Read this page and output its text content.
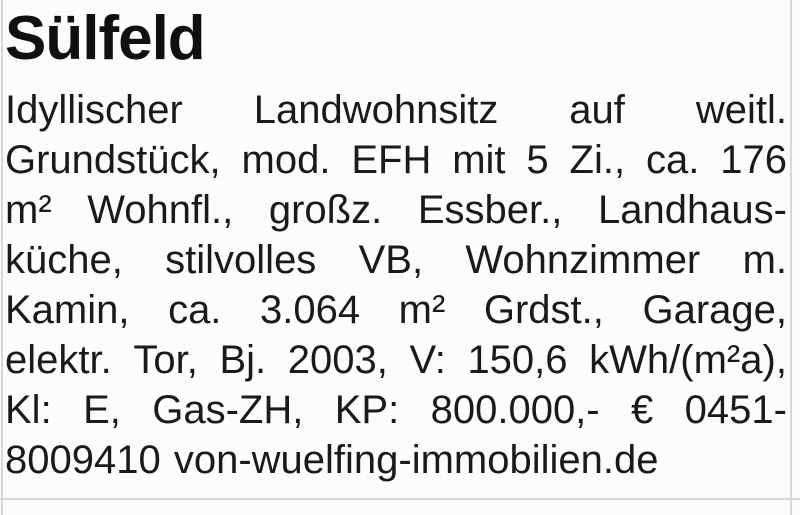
Sülfeld
Idyllischer Landwohnsitz auf weitl.
Grundstück, mod. EFH mit 5 Zi., ca. 176
m² Wohnfl., großz. Essber., Landhaus-
küche, stilvolles VB, Wohnzimmer m.
Kamin, ca. 3.064 m² Grdst., Garage,
elektr. Tor, Bj. 2003, V: 150,6 kWh/(m²a),
Kl: E, Gas-ZH, KP: 800.000,- € 0451-
8009410 von-wuelfing-immobilien.de
